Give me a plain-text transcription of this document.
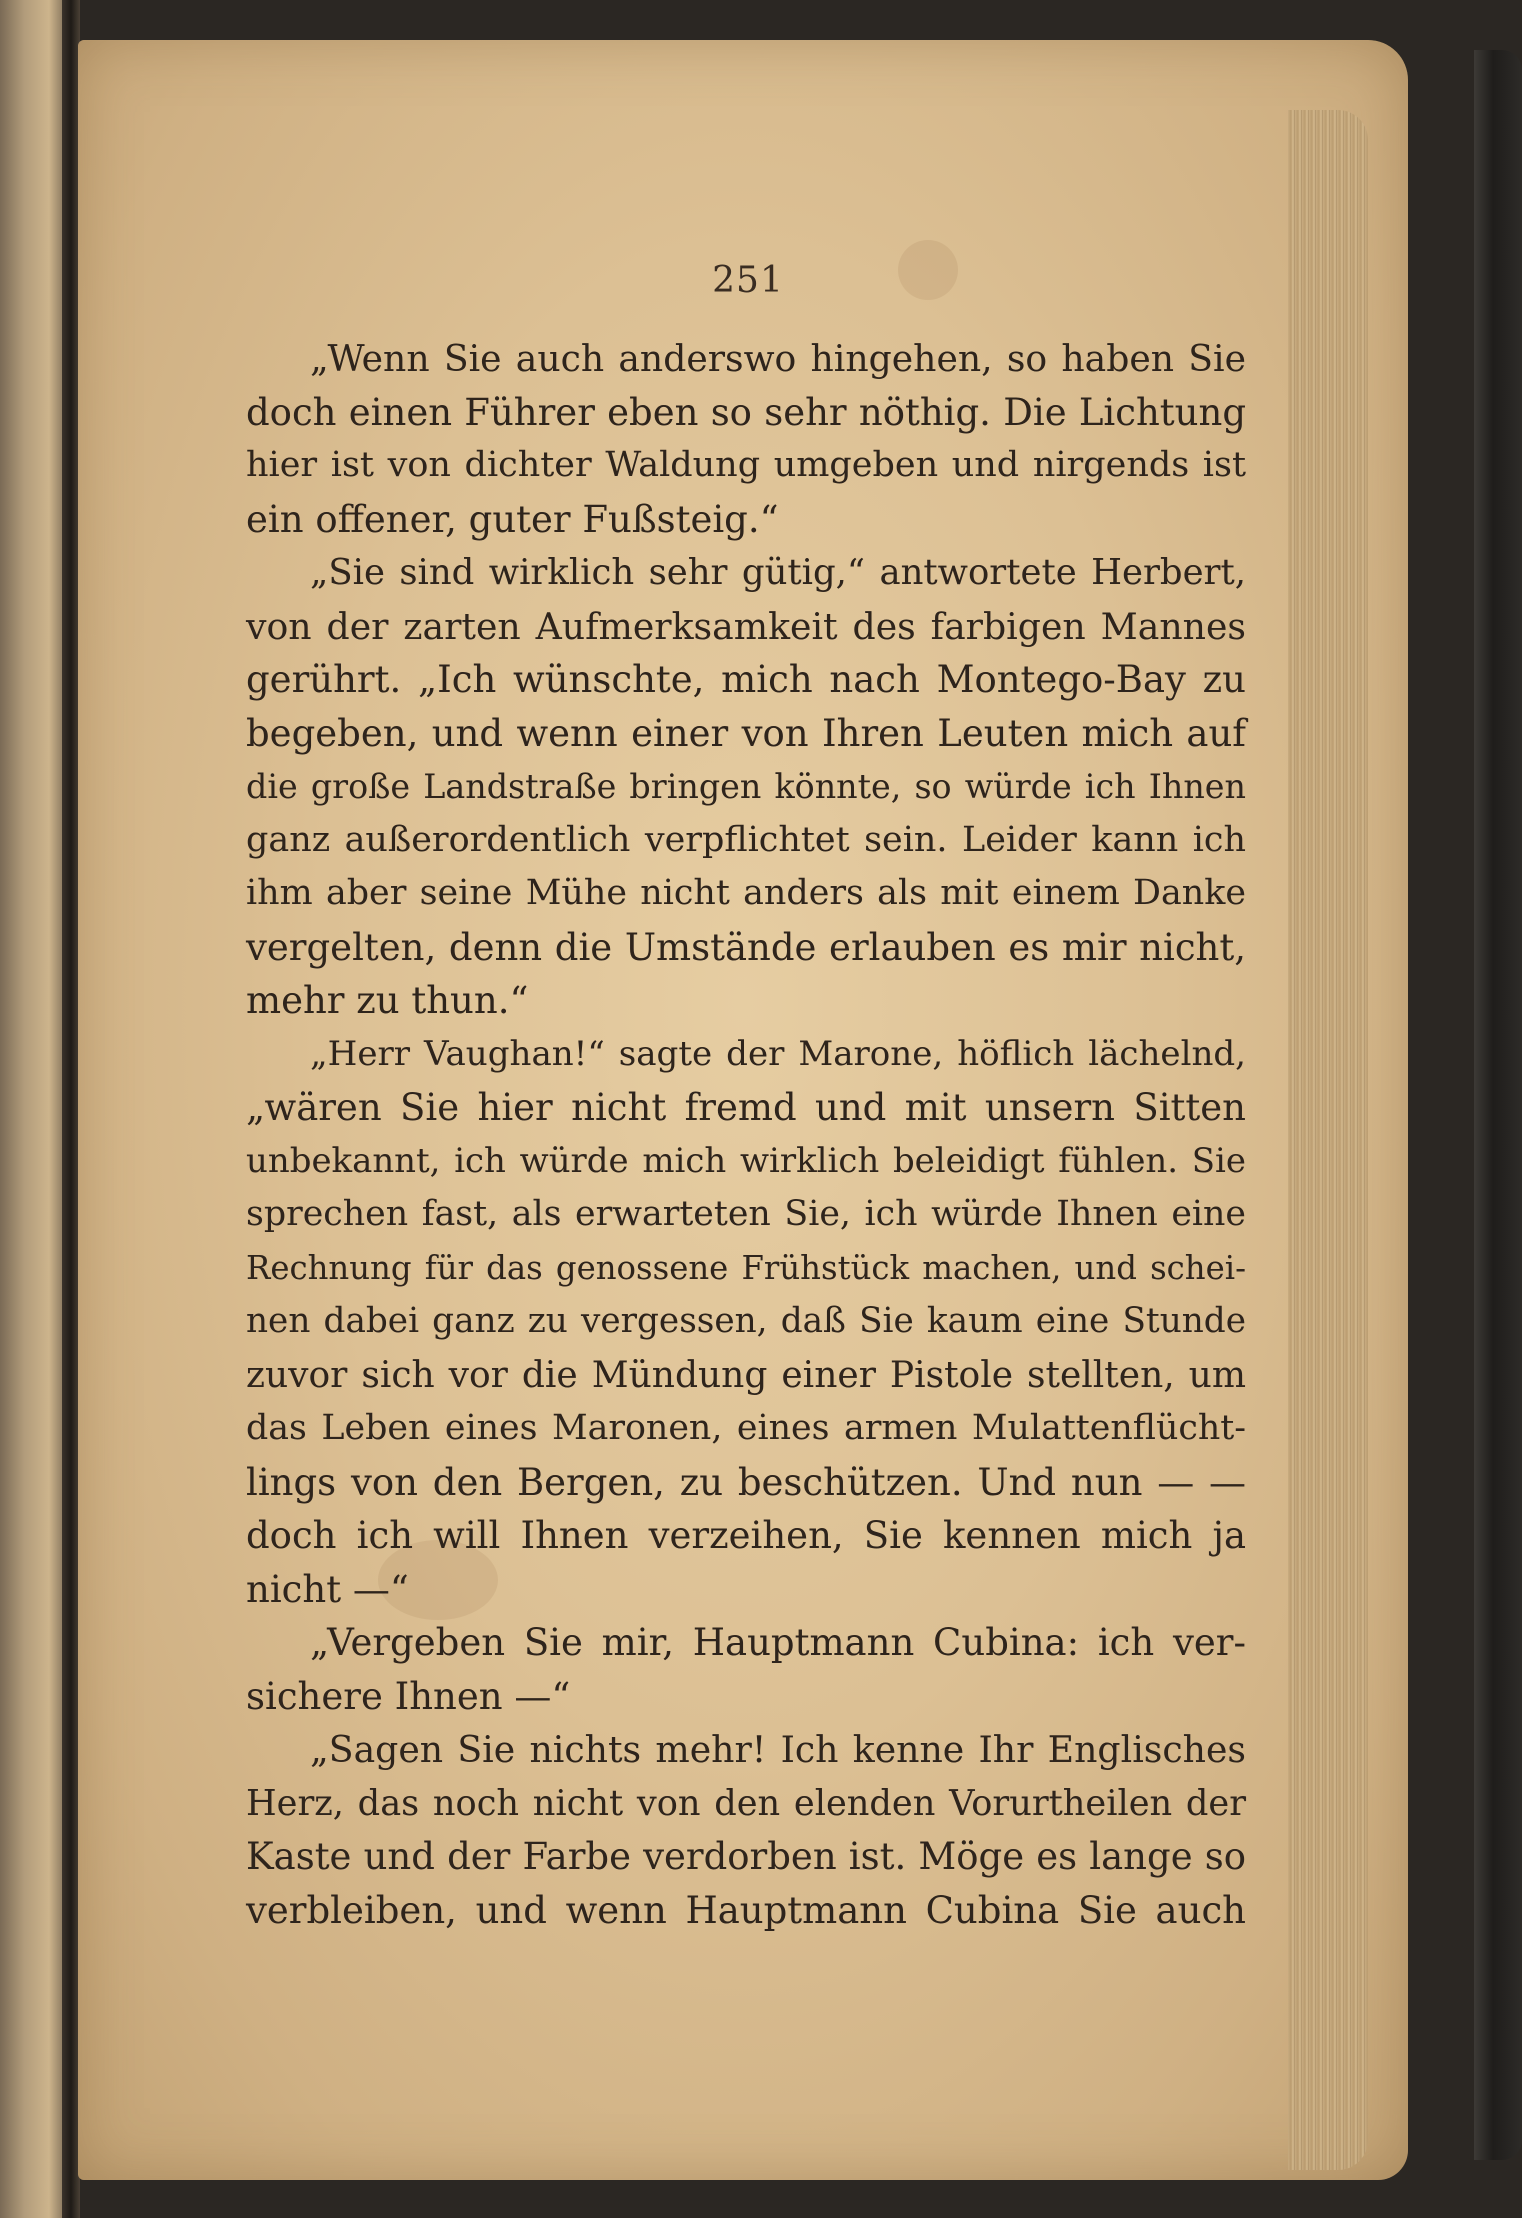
251
„Wenn Sie auch anderswo hingehen, so haben Sie
doch einen Führer eben so sehr nöthig. Die Lichtung
hier ist von dichter Waldung umgeben und nirgends ist
ein offener, guter Fußsteig.“
„Sie sind wirklich sehr gütig,“ antwortete Herbert,
von der zarten Aufmerksamkeit des farbigen Mannes
gerührt. „Ich wünschte, mich nach Montego-Bay zu
begeben, und wenn einer von Ihren Leuten mich auf
die große Landstraße bringen könnte, so würde ich Ihnen
ganz außerordentlich verpflichtet sein. Leider kann ich
ihm aber seine Mühe nicht anders als mit einem Danke
vergelten, denn die Umstände erlauben es mir nicht,
mehr zu thun.“
„Herr Vaughan!“ sagte der Marone, höflich lächelnd,
„wären Sie hier nicht fremd und mit unsern Sitten
unbekannt, ich würde mich wirklich beleidigt fühlen. Sie
sprechen fast, als erwarteten Sie, ich würde Ihnen eine
Rechnung für das genossene Frühstück machen, und schei-
nen dabei ganz zu vergessen, daß Sie kaum eine Stunde
zuvor sich vor die Mündung einer Pistole stellten, um
das Leben eines Maronen, eines armen Mulattenflücht-
lings von den Bergen, zu beschützen. Und nun — —
doch ich will Ihnen verzeihen, Sie kennen mich ja
nicht —“
„Vergeben Sie mir, Hauptmann Cubina: ich ver-
sichere Ihnen —“
„Sagen Sie nichts mehr! Ich kenne Ihr Englisches
Herz, das noch nicht von den elenden Vorurtheilen der
Kaste und der Farbe verdorben ist. Möge es lange so
verbleiben, und wenn Hauptmann Cubina Sie auch
